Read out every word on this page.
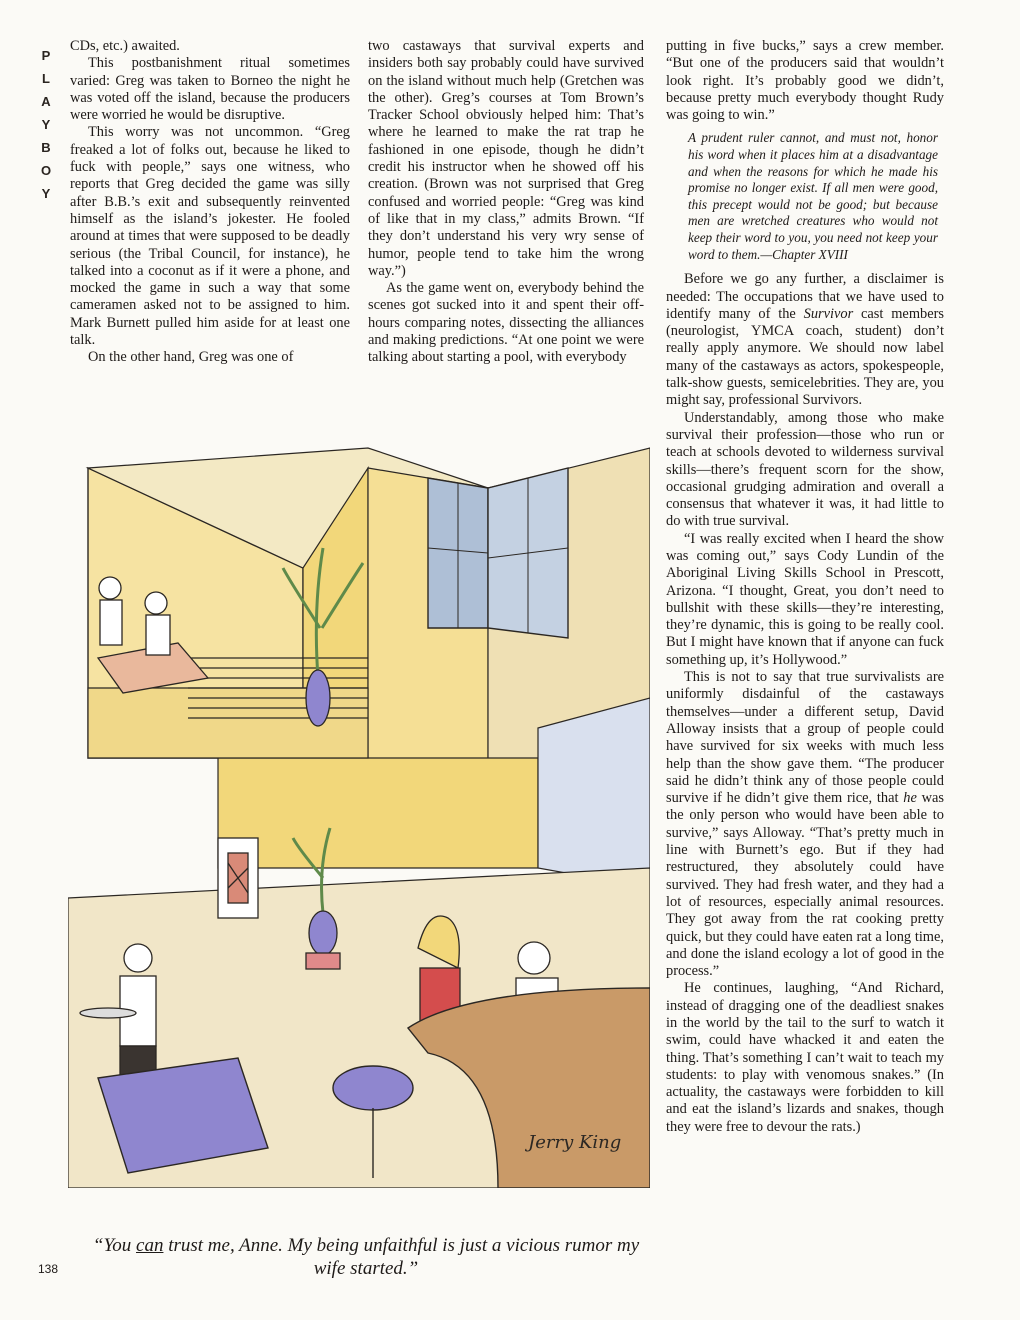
P
L
A
Y
B
O
Y

CDs, etc.) awaited.

This postbanishment ritual sometimes varied: Greg was taken to Borneo the night he was voted off the island, because the producers were worried he would be disruptive.

This worry was not uncommon. “Greg freaked a lot of folks out, because he liked to fuck with people,” says one witness, who reports that Greg decided the game was silly after B.B.’s exit and subsequently reinvented himself as the island’s jokester. He fooled around at times that were supposed to be deadly serious (the Tribal Council, for instance), he talked into a coconut as if it were a phone, and mocked the game in such a way that some cameramen asked not to be assigned to him. Mark Burnett pulled him aside for at least one talk.

On the other hand, Greg was one of

two castaways that survival experts and insiders both say probably could have survived on the island without much help (Gretchen was the other). Greg’s courses at Tom Brown’s Tracker School obviously helped him: That’s where he learned to make the rat trap he fashioned in one episode, though he didn’t credit his instructor when he showed off his creation. (Brown was not surprised that Greg confused and worried people: “Greg was kind of like that in my class,” admits Brown. “If they don’t understand his very wry sense of humor, people tend to take him the wrong way.”)

As the game went on, everybody behind the scenes got sucked into it and spent their off-hours comparing notes, dissecting the alliances and making predictions. “At one point we were talking about starting a pool, with everybody

putting in five bucks,” says a crew member. “But one of the producers said that wouldn’t look right. It’s probably good we didn’t, because pretty much everybody thought Rudy was going to win.”

A prudent ruler cannot, and must not, honor his word when it places him at a disadvantage and when the reasons for which he made his promise no longer exist. If all men were good, this precept would not be good; but because men are wretched creatures who would not keep their word to you, you need not keep your word to them.—Chapter XVIII

Before we go any further, a disclaimer is needed: The occupations that we have used to identify many of the Survivor cast members (neurologist, YMCA coach, student) don’t really apply anymore. We should now label many of the castaways as actors, spokespeople, talk-show guests, semicelebrities. They are, you might say, professional Survivors.

Understandably, among those who make survival their profession—those who run or teach at schools devoted to wilderness survival skills—there’s frequent scorn for the show, occasional grudging admiration and overall a consensus that whatever it was, it had little to do with true survival.

“I was really excited when I heard the show was coming out,” says Cody Lundin of the Aboriginal Living Skills School in Prescott, Arizona. “I thought, Great, you don’t need to bullshit with these skills—they’re interesting, they’re dynamic, this is going to be really cool. But I might have known that if anyone can fuck something up, it’s Hollywood.”

This is not to say that true survivalists are uniformly disdainful of the castaways themselves—under a different setup, David Alloway insists that a group of people could have survived for six weeks with much less help than the show gave them. “The producer said he didn’t think any of those people could survive if he didn’t give them rice, that he was the only person who would have been able to survive,” says Alloway. “That’s pretty much in line with Burnett’s ego. But if they had restructured, they absolutely could have survived. They had fresh water, and they had a lot of resources, especially animal resources. They got away from the rat cooking pretty quick, but they could have eaten rat a long time, and done the island ecology a lot of good in the process.”

He continues, laughing, “And Richard, instead of dragging one of the deadliest snakes in the world by the tail to the surf to watch it swim, could have whacked it and eaten the thing. That’s something I can’t wait to teach my students: to play with venomous snakes.” (In actuality, the castaways were forbidden to kill and eat the island’s lizards and snakes, though they were free to devour the rats.)

Jerry King
“You can trust me, Anne. My being unfaithful is just a vicious rumor my wife started.”
138
